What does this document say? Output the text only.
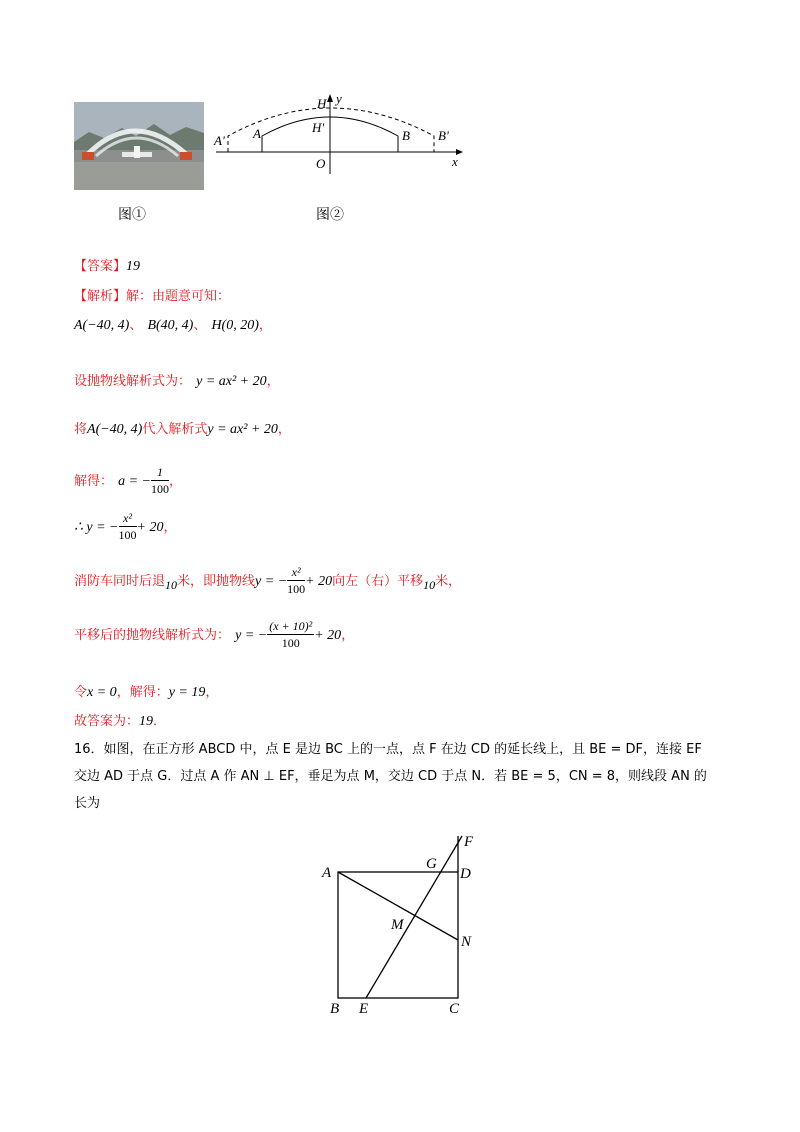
图①
H y
H'
A' A	B B'
O	x
图②
【答案】19
【解析】解：由题意可知：
A(−40, 4)、 B(40, 4)、 H(0, 20)，
设抛物线解析式为： y = ax² + 20，
将A(−40, 4)代入解析式y = ax² + 20，
解得： a = − $\frac{1}{100}$ ，
∴ y = − $\frac{\text{x²}}{100} + 20$，
消防车同时后退$_{10}$米，即抛物线y = − $\frac{\text{x²}}{100} + 20$向左（右）平移$_{10}$米，
平移后的抛物线解析式为： y = − $\frac{\text{(x + 10)²}}{100} + 20$，
令x = 0，解得：y = 19，
故答案为：19．
16．如图，在正方形 ABCD 中，点 E 是边 BC 上的一点，点 F 在边 CD 的延长线上，且 BE = DF，连接 EF
交边 AD 于点 G．过点 A 作 AN ⊥ EF，垂足为点 M，交边 CD 于点 N．若 BE = 5，CN = 8，则线段 AN 的
长为
A
B E	C
D
F
G
M
N
